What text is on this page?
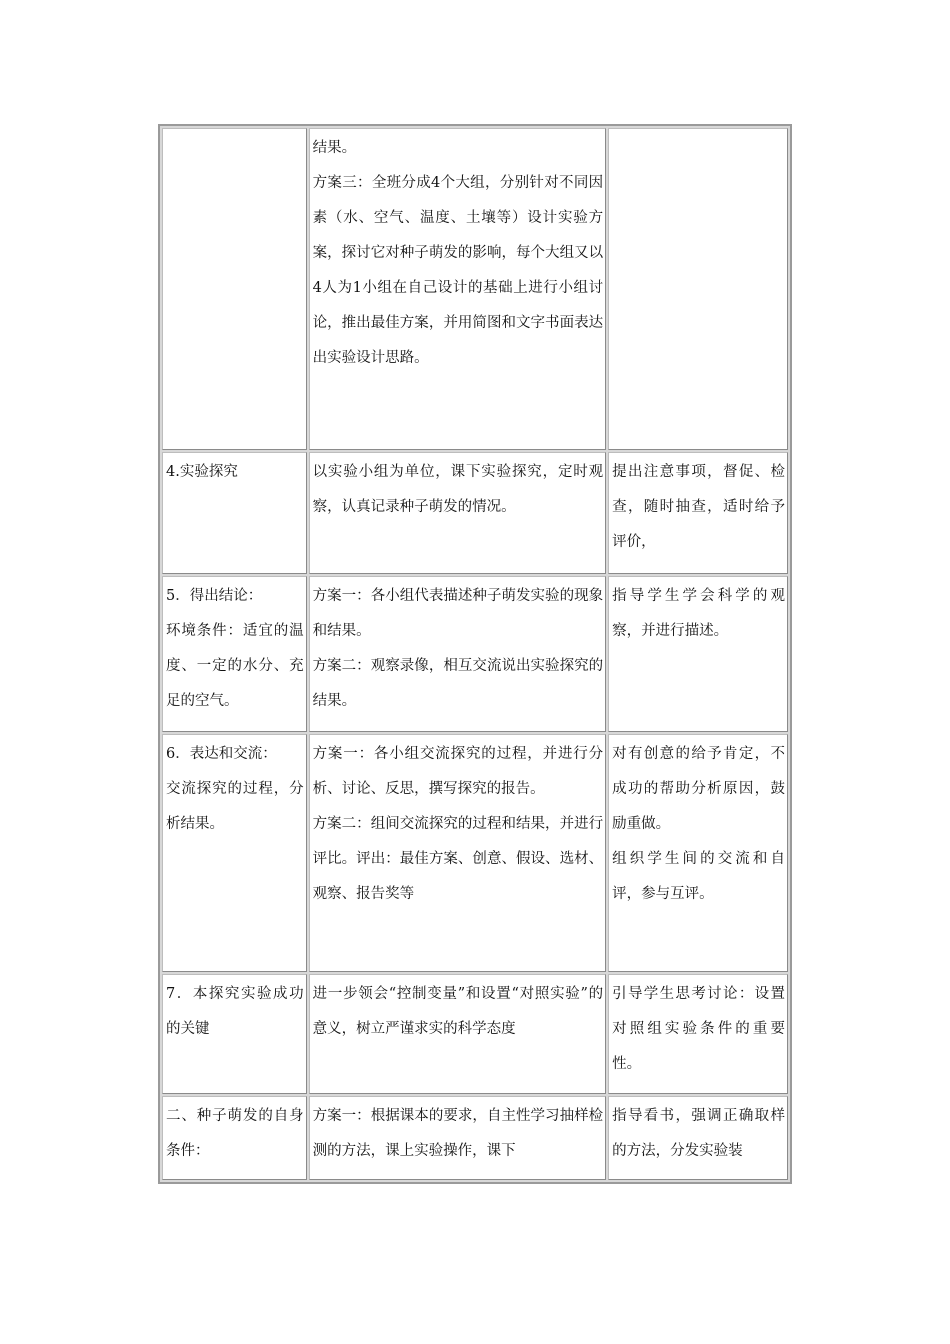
	结果。
方案三：全班分成4个大组，分别针对不同因素（水、空气、温度、土壤等）设计实验方案，探讨它对种子萌发的影响，每个大组又以4人为1小组在自己设计的基础上进行小组讨论，推出最佳方案，并用简图和文字书面表达出实验设计思路。	

4.实验探究	以实验小组为单位，课下实验探究，定时观察，认真记录种子萌发的情况。	提出注意事项，督促、检查，随时抽查，适时给予评价，

5．得出结论：
环境条件：适宜的温度、一定的水分、充足的空气。	方案一：各小组代表描述种子萌发实验的现象和结果。
方案二：观察录像，相互交流说出实验探究的结果。	指导学生学会科学的观察，并进行描述。

6．表达和交流：
交流探究的过程，分析结果。	方案一：各小组交流探究的过程，并进行分析、讨论、反思，撰写探究的报告。
方案二：组间交流探究的过程和结果，并进行评比。评出：最佳方案、创意、假设、选材、观察、报告奖等	对有创意的给予肯定，不成功的帮助分析原因，鼓励重做。
组织学生间的交流和自评，参与互评。

7．本探究实验成功的关键	进一步领会“控制变量”和设置“对照实验”的意义，树立严谨求实的科学态度	引导学生思考讨论：设置对照组实验条件的重要性。

二、种子萌发的自身条件：	方案一：根据课本的要求，自主性学习抽样检测的方法，课上实验操作，课下	指导看书，强调正确取样的方法，分发实验装
